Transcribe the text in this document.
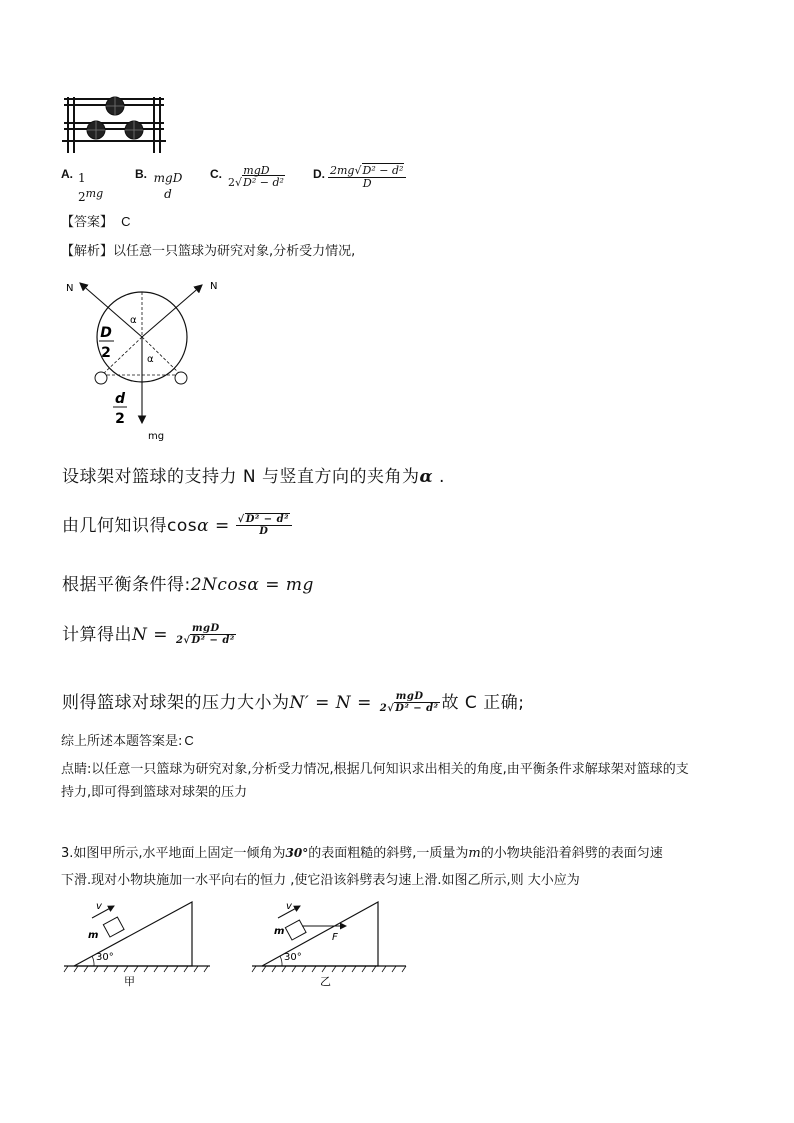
A. 1
2mg
B. mgD
d
C. mgD
2√D² − d²
D. $\frac{\text{2mg√D² − d²}}{D}$
【答案】 C
【解析】以任意一只篮球为研究对象,分析受力情况,
N	N
α
α
D
2
d
2
mg
设球架对篮球的支持力 N 与竖直方向的夹角为α .
由几何知识得$\cos\alpha = \frac{\text{√D² − d²}}{D}$
根据平衡条件得:2Ncosα = mg
计算得出$N = \frac{\text{mgD}}{\text{2√D² − d²}}$
则得篮球对球架的压力大小为$N' = N = \frac{\text{mgD}}{\text{2√D² − d²}}$ 故 C 正确;
综上所述本题答案是: C
点睛:以任意一只篮球为研究对象,分析受力情况,根据几何知识求出相关的角度,由平衡条件求解球架对篮球的支
持力,即可得到篮球对球架的压力
3.如图甲所示,水平地面上固定一倾角为30°的表面粗糙的斜劈,一质量为m的小物块能沿着斜劈的表面匀速
下滑.现对小物块施加一水平向右的恒力 ,使它沿该斜劈表匀速上滑.如图乙所示,则 大小应为
v
m
30°
甲
F
v
m
30°
乙
